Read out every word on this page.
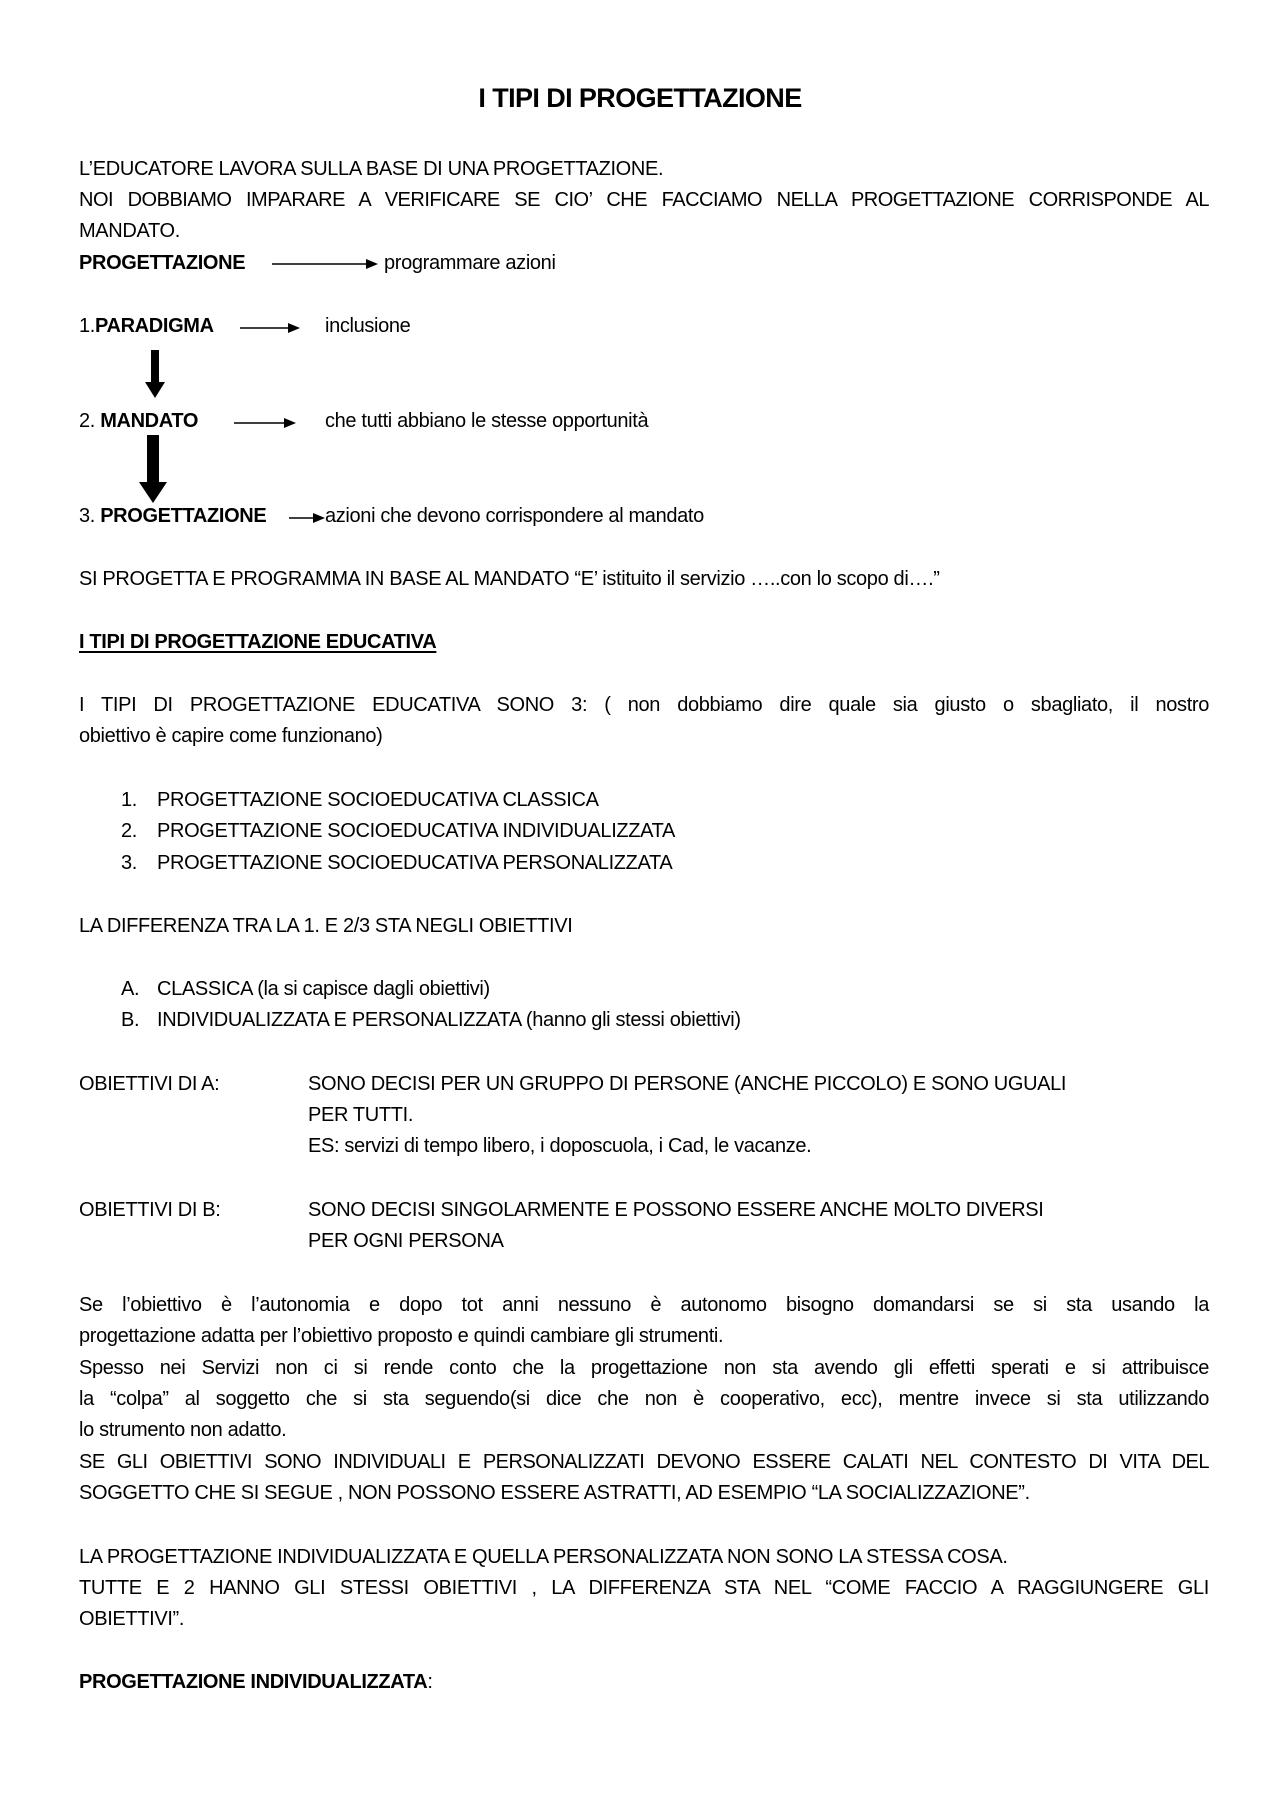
I TIPI DI PROGETTAZIONE
L’EDUCATORE LAVORA SULLA BASE DI UNA PROGETTAZIONE.
NOI DOBBIAMO IMPARARE A VERIFICARE SE CIO’ CHE FACCIAMO NELLA PROGETTAZIONE CORRISPONDE AL
MANDATO.
PROGETTAZIONE	programmare azioni
1.PARADIGMA	inclusione
2. MANDATO	che tutti abbiano le stesse opportunità
3. PROGETTAZIONE	azioni che devono corrispondere al mandato
SI PROGETTA E PROGRAMMA IN BASE AL MANDATO “E’ istituito il servizio …..con lo scopo di….”
I TIPI DI PROGETTAZIONE EDUCATIVA
I TIPI DI PROGETTAZIONE EDUCATIVA SONO 3: ( non dobbiamo dire quale sia giusto o sbagliato, il nostro
obiettivo è capire come funzionano)
1. PROGETTAZIONE SOCIOEDUCATIVA CLASSICA
2. PROGETTAZIONE SOCIOEDUCATIVA INDIVIDUALIZZATA
3. PROGETTAZIONE SOCIOEDUCATIVA PERSONALIZZATA
LA DIFFERENZA TRA LA 1. E 2/3 STA NEGLI OBIETTIVI
A. CLASSICA (la si capisce dagli obiettivi)
B. INDIVIDUALIZZATA E PERSONALIZZATA (hanno gli stessi obiettivi)
OBIETTIVI DI A:	SONO DECISI PER UN GRUPPO DI PERSONE (ANCHE PICCOLO) E SONO UGUALI
PER TUTTI.
ES: servizi di tempo libero, i doposcuola, i Cad, le vacanze.
OBIETTIVI DI B:	SONO DECISI SINGOLARMENTE E POSSONO ESSERE ANCHE MOLTO DIVERSI
PER OGNI PERSONA
Se l’obiettivo è l’autonomia e dopo tot anni nessuno è autonomo bisogno domandarsi se si sta usando la
progettazione adatta per l’obiettivo proposto e quindi cambiare gli strumenti.
Spesso nei Servizi non ci si rende conto che la progettazione non sta avendo gli effetti sperati e si attribuisce
la “colpa” al soggetto che si sta seguendo(si dice che non è cooperativo, ecc), mentre invece si sta utilizzando
lo strumento non adatto.
SE GLI OBIETTIVI SONO INDIVIDUALI E PERSONALIZZATI DEVONO ESSERE CALATI NEL CONTESTO DI VITA DEL
SOGGETTO CHE SI SEGUE , NON POSSONO ESSERE ASTRATTI, AD ESEMPIO “LA SOCIALIZZAZIONE”.
LA PROGETTAZIONE INDIVIDUALIZZATA E QUELLA PERSONALIZZATA NON SONO LA STESSA COSA.
TUTTE E 2 HANNO GLI STESSI OBIETTIVI , LA DIFFERENZA STA NEL “COME FACCIO A RAGGIUNGERE GLI
OBIETTIVI”.
PROGETTAZIONE INDIVIDUALIZZATA:
